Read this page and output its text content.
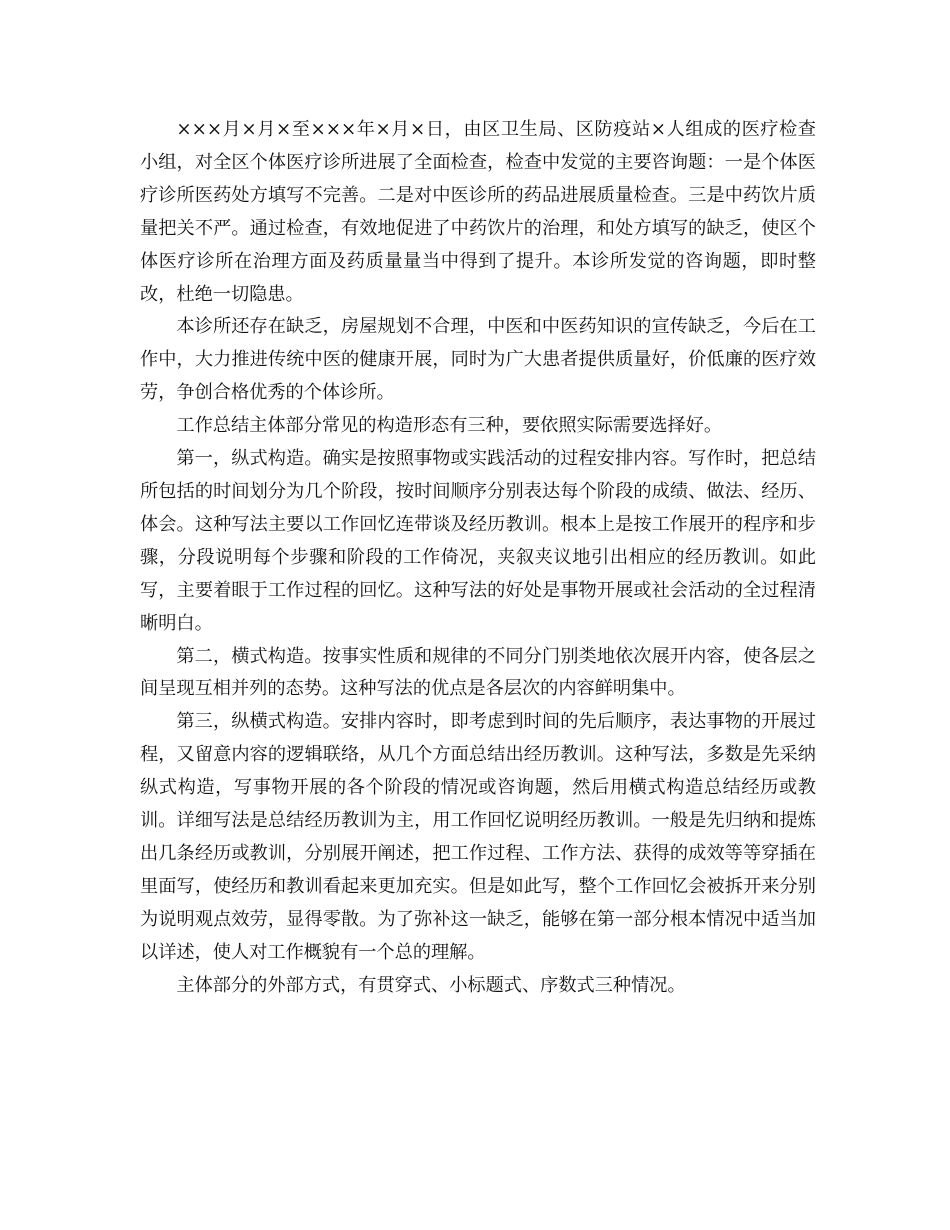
×××月×月×至×××年×月×日，由区卫生局、区防疫站×人组成的医疗检查小组，对全区个体医疗诊所进展了全面检查，检查中发觉的主要咨询题：一是个体医疗诊所医药处方填写不完善。二是对中医诊所的药品进展质量检查。三是中药饮片质量把关不严。通过检查，有效地促进了中药饮片的治理，和处方填写的缺乏，使区个体医疗诊所在治理方面及药质量量当中得到了提升。本诊所发觉的咨询题，即时整改，杜绝一切隐患。

本诊所还存在缺乏，房屋规划不合理，中医和中医药知识的宣传缺乏，今后在工作中，大力推进传统中医的健康开展，同时为广大患者提供质量好，价低廉的医疗效劳，争创合格优秀的个体诊所。

工作总结主体部分常见的构造形态有三种，要依照实际需要选择好。

第一，纵式构造。确实是按照事物或实践活动的过程安排内容。写作时，把总结所包括的时间划分为几个阶段，按时间顺序分别表达每个阶段的成绩、做法、经历、体会。这种写法主要以工作回忆连带谈及经历教训。根本上是按工作展开的程序和步骤，分段说明每个步骤和阶段的工作倚况，夹叙夹议地引出相应的经历教训。如此写，主要着眼于工作过程的回忆。这种写法的好处是事物开展或社会活动的全过程清晰明白。

第二，横式构造。按事实性质和规律的不同分门别类地依次展开内容，使各层之间呈现互相并列的态势。这种写法的优点是各层次的内容鲜明集中。

第三，纵横式构造。安排内容时，即考虑到时间的先后顺序，表达事物的开展过程，又留意内容的逻辑联络，从几个方面总结出经历教训。这种写法，多数是先采纳纵式构造，写事物开展的各个阶段的情况或咨询题，然后用横式构造总结经历或教训。详细写法是总结经历教训为主，用工作回忆说明经历教训。一般是先归纳和提炼出几条经历或教训，分别展开阐述，把工作过程、工作方法、获得的成效等等穿插在里面写，使经历和教训看起来更加充实。但是如此写，整个工作回忆会被拆开来分别为说明观点效劳，显得零散。为了弥补这一缺乏，能够在第一部分根本情况中适当加以详述，使人对工作概貌有一个总的理解。

主体部分的外部方式，有贯穿式、小标题式、序数式三种情况。
